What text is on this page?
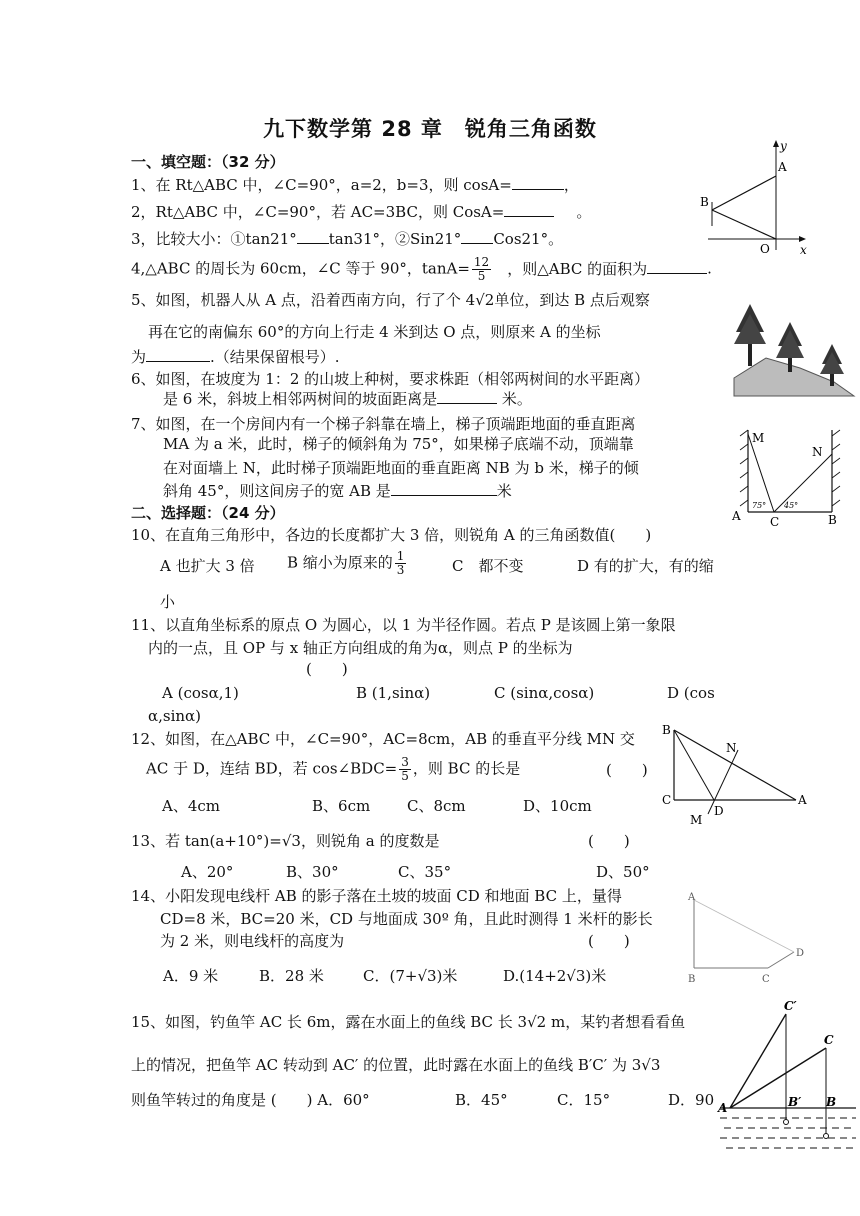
九下数学第 28 章　锐角三角函数
一、填空题：（32 分）
1、在 Rt△ABC 中，∠C=90°，a=2，b=3，则 cosA=	，
2，Rt△ABC 中，∠C=90°，若 AC=3BC，则 CosA=	。
3，比较大小：①tan21° tan31°，②Sin21° Cos21°。
4,△ABC 的周长为 60cm，∠C 等于 90°，$\tan A= \frac{12}{5}$ ，则△ABC 的面积为	.
5、如图，机器人从 A 点，沿着西南方向，行了个 4√2单位，到达 B 点后观察
再在它的南偏东 60°的方向上行走 4 米到达 O 点，则原来 A 的坐标
为	.（结果保留根号）.
6、如图，在坡度为 1：2 的山坡上种树，要求株距（相邻两树间的水平距离）
是 6 米，斜坡上相邻两树间的坡面距离是	米。
7、如图，在一个房间内有一个梯子斜靠在墙上，梯子顶端距地面的垂直距离
MA 为 a 米，此时，梯子的倾斜角为 75°，如果梯子底端不动，顶端靠
在对面墙上 N，此时梯子顶端距地面的垂直距离 NB 为 b 米，梯子的倾
斜角 45°，则这间房子的宽 AB 是	米
二、选择题：（24 分）
10、在直角三角形中，各边的长度都扩大 3 倍，则锐角 A 的三角函数值(　　)
A 也扩大 3 倍 B 缩小为原来的 $\frac{1}{3}$	C　都不变	D 有的扩大，有的缩
小
11、以直角坐标系的原点 O 为圆心，以 1 为半径作圆。若点 P 是该圆上第一象限
内的一点，且 OP 与 x 轴正方向组成的角为α，则点 P 的坐标为
(　　)
A (cosα,1)	B (1,sinα)	C (sinα,cosα)	D (cos
α,sinα)
12、如图，在△ABC 中，∠C=90°，AC=8cm，AB 的垂直平分线 MN 交
AC 于 D，连结 BD，若 cos∠BDC= $\frac{3}{5}$ ，则 BC 的长是	(　　)
A、4cm	B、6cm C、8cm	D、10cm
13、若 tan(a+10°)=√3，则锐角 a 的度数是	(　　)
A、20°	B、30°	C、35°	D、50°
14、小阳发现电线杆 AB 的影子落在土坡的坡面 CD 和地面 BC 上，量得
CD=8 米，BC=20 米，CD 与地面成 30º 角，且此时测得 1 米杆的影长
为 2 米，则电线杆的高度为	(　　)
A．9 米	B．28 米	C．(7+√3)米	D.(14+2√3)米
15、如图，钓鱼竿 AC 长 6m，露在水面上的鱼线 BC 长 3√2 m，某钓者想看看鱼
上的情况，把鱼竿 AC 转动到 AC′ 的位置，此时露在水面上的鱼线 B′C′ 为 3√3
则鱼竿转过的角度是 (　　) A．60°	B．45°	C．15°	D．90
A
B
O	x
y
M
N
A	B
C
75° 45°
B
N
C
D
A
M
A
B	C
D
C′
C
A	B′ B
